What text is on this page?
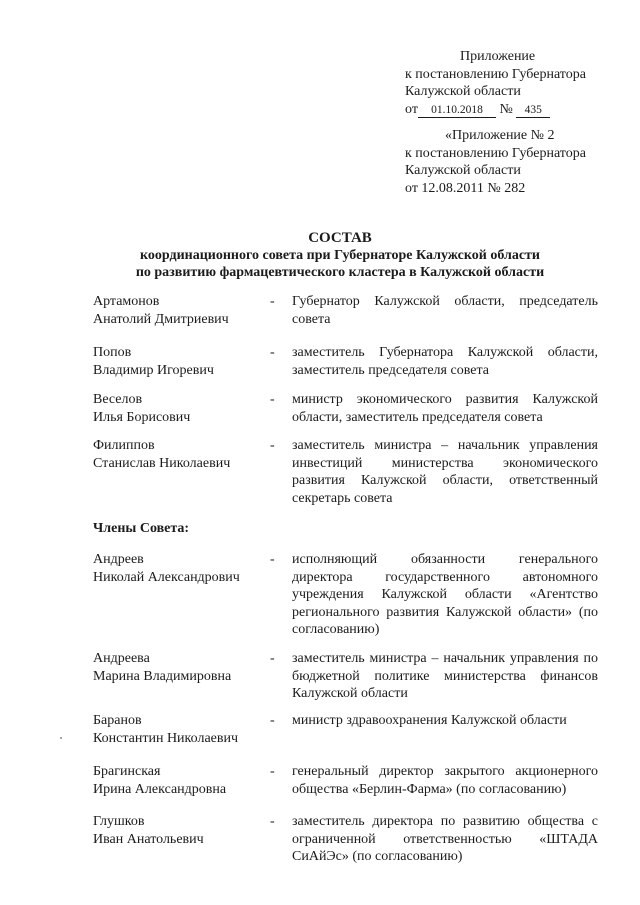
Приложение
к постановлению Губернатора
Калужской области
от 01.10.2018 № 435
«Приложение № 2
к постановлению Губернатора
Калужской области
от 12.08.2011 № 282
СОСТАВ
координационного совета при Губернаторе Калужской области
по развитию фармацевтического кластера в Калужской области
Артамонов
Анатолий Дмитриевич
-	Губернатор Калужской области, председатель совета
Попов
Владимир Игоревич
-	заместитель Губернатора Калужской области, заместитель председателя совета
Веселов
Илья Борисович
-	министр экономического развития Калужской области, заместитель председателя совета
Филиппов
Станислав Николаевич
-	заместитель министра – начальник управления инвестиций министерства экономического развития Калужской области, ответственный секретарь совета
Члены Совета:
Андреев
Николай Александрович
-	исполняющий обязанности генерального директора государственного автономного учреждения Калужской области «Агентство регионального развития Калужской области» (по согласованию)
Андреева
Марина Владимировна
-	заместитель министра – начальник управления по бюджетной политике министерства финансов Калужской области
Баранов
Константин Николаевич
-	министр здравоохранения Калужской области
Брагинская
Ирина Александровна
-	генеральный директор закрытого акционерного общества «Берлин-Фарма» (по согласованию)
Глушков
Иван Анатольевич
-	заместитель директора по развитию общества с ограниченной ответственностью «ШТАДА СиАйЭс» (по согласованию)
